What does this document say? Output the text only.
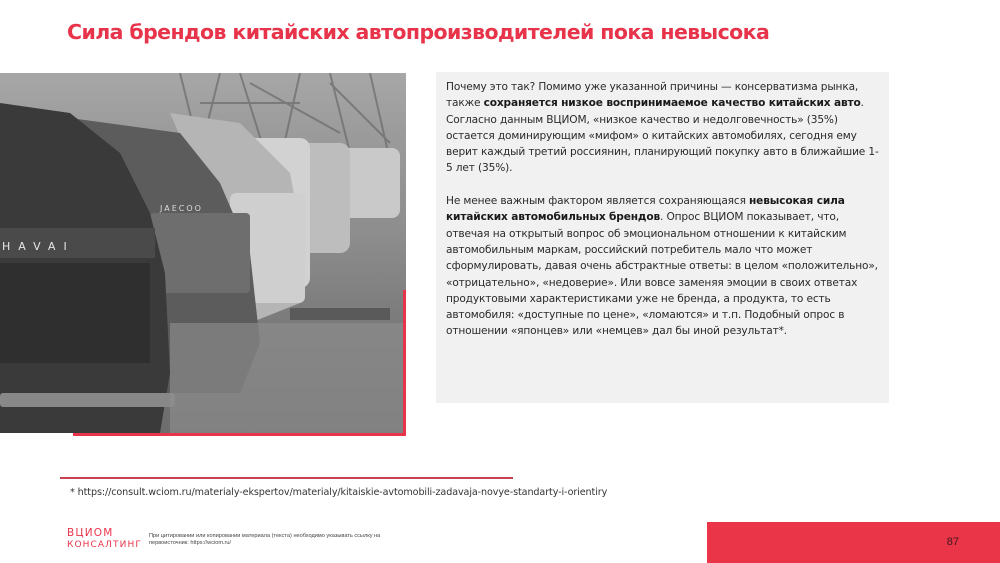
Сила брендов китайских автопроизводителей пока невысока
JAECOO
HAVAI

Почему это так? Помимо уже указанной причины — консерватизма рынка, также сохраняется низкое воспринимаемое качество китайских авто. Согласно данным ВЦИОМ, «низкое качество и недолговечность» (35%) остается доминирующим «мифом» о китайских автомобилях, сегодня ему верит каждый третий россиянин, планирующий покупку авто в ближайшие 1-5 лет (35%).

Не менее важным фактором является сохраняющаяся невысокая сила китайских автомобильных брендов. Опрос ВЦИОМ показывает, что, отвечая на открытый вопрос об эмоциональном отношении к китайским автомобильным маркам, российский потребитель мало что может сформулировать, давая очень абстрактные ответы: в целом «положительно», «отрицательно», «недоверие». Или вовсе заменяя эмоции в своих ответах продуктовыми характеристиками уже не бренда, а продукта, то есть автомобиля: «доступные по цене», «ломаются» и т.п. Подобный опрос в отношении «японцев» или «немцев» дал бы иной результат*.

* https://consult.wciom.ru/materialy-ekspertov/materialy/kitaiskie-avtomobili-zadavaja-novye-standarty-i-orientiry
ВЦИОМ
КОНСАЛТИНГ
При цитировании или копировании материала (текста) необходимо указывать ссылку на первоисточник: https://wciom.ru/	87
